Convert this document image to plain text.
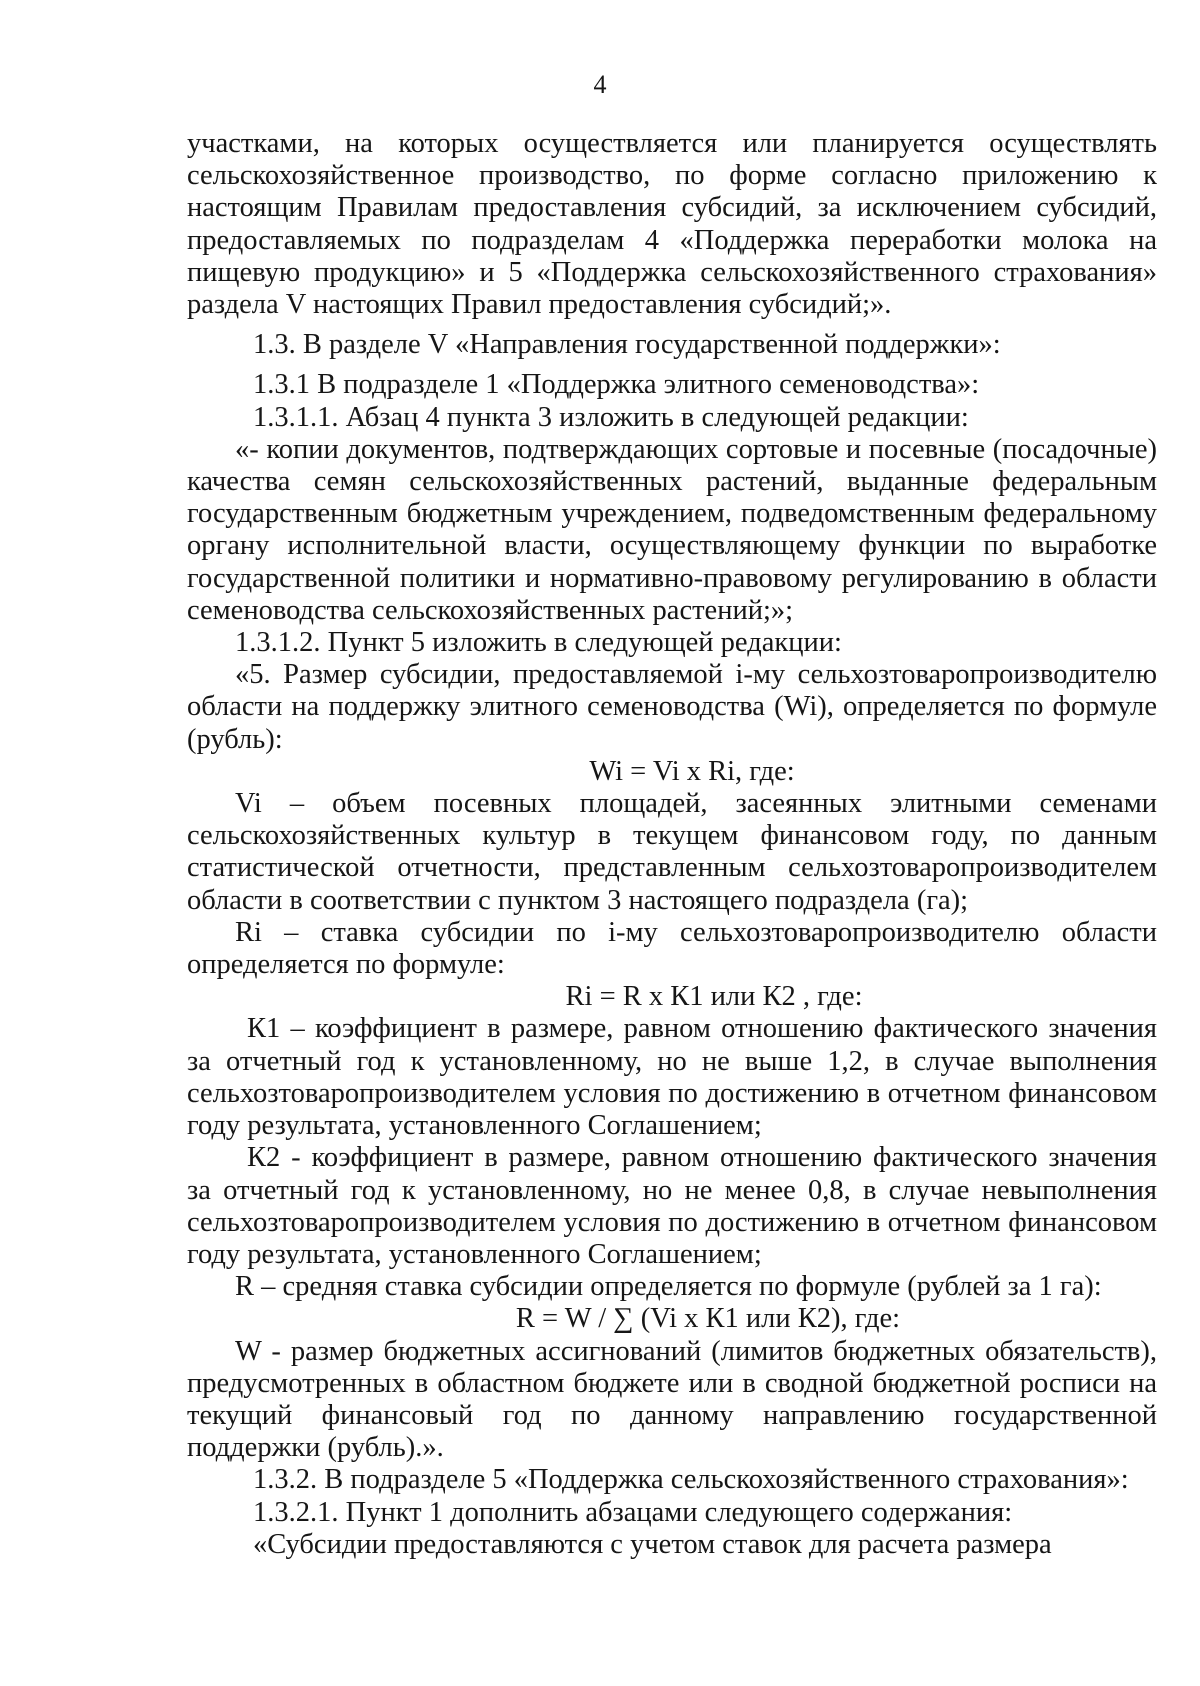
4

участками, на которых осуществляется или планируется осуществлять сельскохозяйственное производство, по форме согласно приложению к настоящим Правилам предоставления субсидий, за исключением субсидий, предоставляемых по подразделам 4 «Поддержка переработки молока на пищевую продукцию» и 5 «Поддержка сельскохозяйственного страхования» раздела V настоящих Правил предоставления субсидий;».

1.3. В разделе V «Направления государственной поддержки»:

1.3.1 В подразделе 1 «Поддержка элитного семеноводства»:

1.3.1.1. Абзац 4 пункта 3 изложить в следующей редакции:

«- копии документов, подтверждающих сортовые и посевные (посадочные) качества семян сельскохозяйственных растений, выданные федеральным государственным бюджетным учреждением, подведомственным федеральному органу исполнительной власти, осуществляющему функции по выработке государственной политики и нормативно-правовому регулированию в области семеноводства сельскохозяйственных растений;»;

1.3.1.2. Пункт 5 изложить в следующей редакции:

«5. Размер субсидии, предоставляемой i-му сельхозтоваропроизводителю области на поддержку элитного семеноводства (Wi), определяется по формуле (рубль):

Wi = Vi x Ri, где:

Vi – объем посевных площадей, засеянных элитными семенами сельскохозяйственных культур в текущем финансовом году, по данным статистической отчетности, представленным сельхозтоваропроизводителем области в соответствии с пунктом 3 настоящего подраздела (га);

Ri – ставка субсидии по i-му сельхозтоваропроизводителю области определяется по формуле:

Ri = R x К1 или К2 , где:

К1 – коэффициент в размере, равном отношению фактического значения за отчетный год к установленному, но не выше 1,2, в случае выполнения сельхозтоваропроизводителем условия по достижению в отчетном финансовом году результата, установленного Соглашением;

К2 - коэффициент в размере, равном отношению фактического значения за отчетный год к установленному, но не менее 0,8, в случае невыполнения сельхозтоваропроизводителем условия по достижению в отчетном финансовом году результата, установленного Соглашением;

R – средняя ставка субсидии определяется по формуле (рублей за 1 га):

R = W / ∑ (Vi x К1 или К2), где:

W - размер бюджетных ассигнований (лимитов бюджетных обязательств), предусмотренных в областном бюджете или в сводной бюджетной росписи на текущий финансовый год по данному направлению государственной поддержки (рубль).».

1.3.2. В подразделе 5 «Поддержка сельскохозяйственного страхования»:

1.3.2.1. Пункт 1 дополнить абзацами следующего содержания:

«Субсидии предоставляются с учетом ставок для расчета размера
